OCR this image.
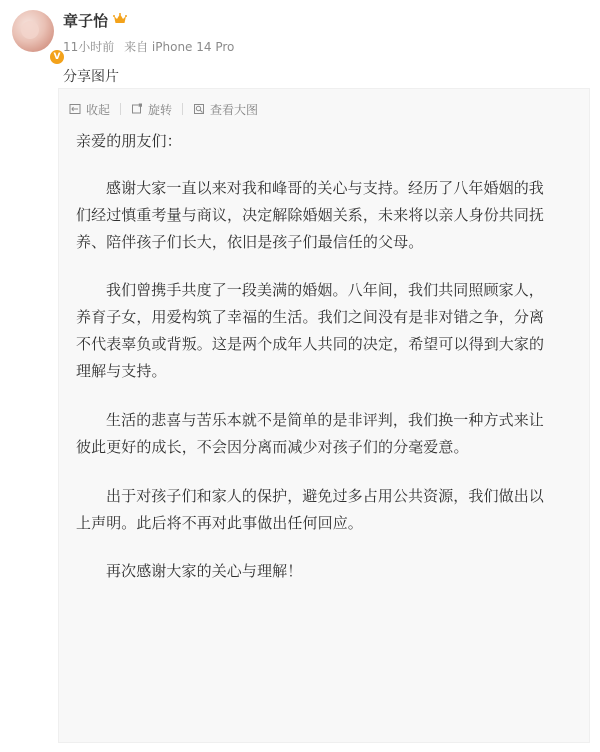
V
章子怡
11小时前 来自 iPhone 14 Pro
分享图片
收起	旋转	查看大图

亲爱的朋友们：

感谢大家一直以来对我和峰哥的关心与支持。经历了八年婚姻的我们经过慎重考量与商议，决定解除婚姻关系，未来将以亲人身份共同抚养、陪伴孩子们长大，依旧是孩子们最信任的父母。

我们曾携手共度了一段美满的婚姻。八年间，我们共同照顾家人，养育子女，用爱构筑了幸福的生活。我们之间没有是非对错之争，分离不代表辜负或背叛。这是两个成年人共同的决定，希望可以得到大家的理解与支持。

生活的悲喜与苦乐本就不是简单的是非评判，我们换一种方式来让彼此更好的成长，不会因分离而减少对孩子们的分毫爱意。

出于对孩子们和家人的保护，避免过多占用公共资源，我们做出以上声明。此后将不再对此事做出任何回应。

再次感谢大家的关心与理解！
